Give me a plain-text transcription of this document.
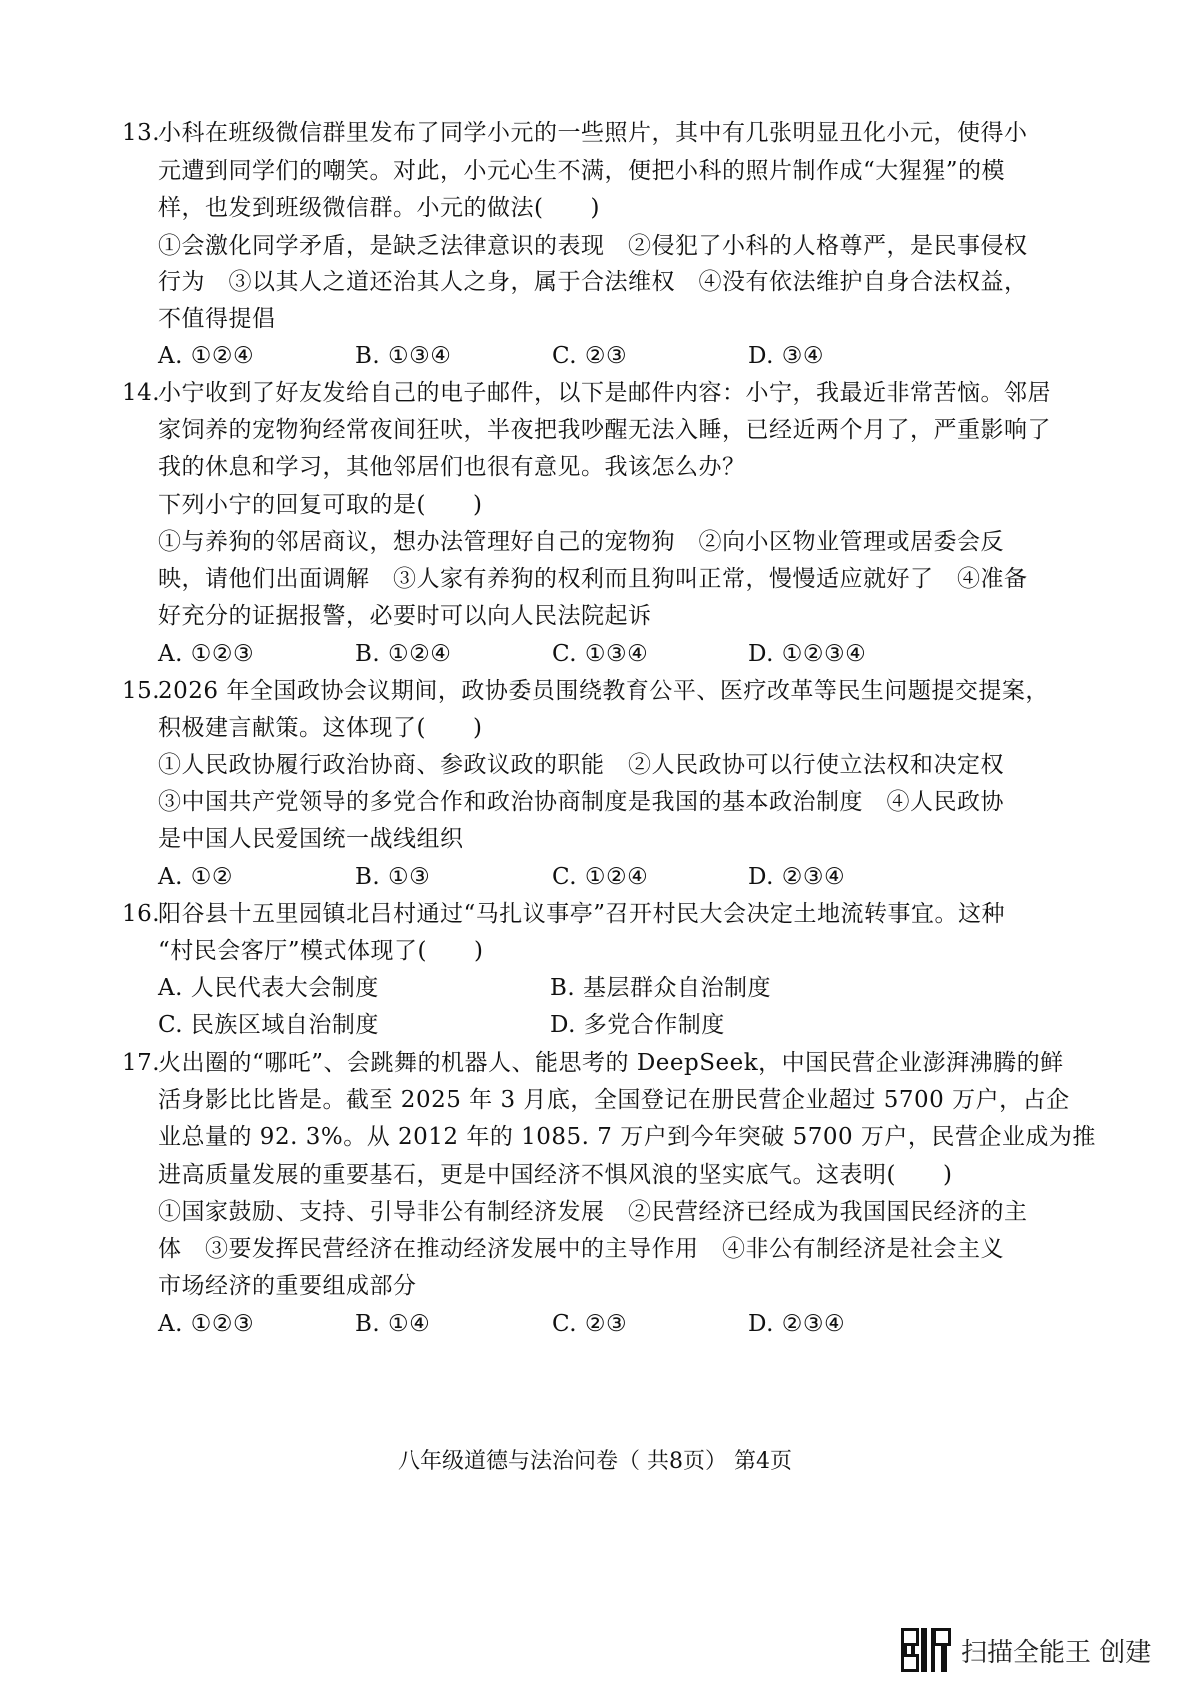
13.
小科在班级微信群里发布了同学小元的一些照片，其中有几张明显丑化小元，使得小
元遭到同学们的嘲笑。对此，小元心生不满，便把小科的照片制作成“大猩猩”的模
样，也发到班级微信群。小元的做法(　　)
①会激化同学矛盾，是缺乏法律意识的表现　②侵犯了小科的人格尊严，是民事侵权
行为　③以其人之道还治其人之身，属于合法维权　④没有依法维护自身合法权益，
不值得提倡
A. ①②④	B. ①③④	C. ②③	D. ③④
14.
小宁收到了好友发给自己的电子邮件，以下是邮件内容：小宁，我最近非常苦恼。邻居
家饲养的宠物狗经常夜间狂吠，半夜把我吵醒无法入睡，已经近两个月了，严重影响了
我的休息和学习，其他邻居们也很有意见。我该怎么办？
下列小宁的回复可取的是(　　)
①与养狗的邻居商议，想办法管理好自己的宠物狗　②向小区物业管理或居委会反
映，请他们出面调解　③人家有养狗的权利而且狗叫正常，慢慢适应就好了　④准备
好充分的证据报警，必要时可以向人民法院起诉
A. ①②③	B. ①②④	C. ①③④	D. ①②③④
15.
2026 年全国政协会议期间，政协委员围绕教育公平、医疗改革等民生问题提交提案，
积极建言献策。这体现了(　　)
①人民政协履行政治协商、参政议政的职能　②人民政协可以行使立法权和决定权
③中国共产党领导的多党合作和政治协商制度是我国的基本政治制度　④人民政协
是中国人民爱国统一战线组织
A. ①②	B. ①③	C. ①②④	D. ②③④
16.
阳谷县十五里园镇北吕村通过“马扎议事亭”召开村民大会决定土地流转事宜。这种
“村民会客厅”模式体现了(　　)
A. 人民代表大会制度	B. 基层群众自治制度
C. 民族区域自治制度	D. 多党合作制度
17.
火出圈的“哪吒”、会跳舞的机器人、能思考的 DeepSeek，中国民营企业澎湃沸腾的鲜
活身影比比皆是。截至 2025 年 3 月底，全国登记在册民营企业超过 5700 万户，占企
业总量的 92. 3%。从 2012 年的 1085. 7 万户到今年突破 5700 万户，民营企业成为推
进高质量发展的重要基石，更是中国经济不惧风浪的坚实底气。这表明(　　)
①国家鼓励、支持、引导非公有制经济发展　②民营经济已经成为我国国民经济的主
体　③要发挥民营经济在推动经济发展中的主导作用　④非公有制经济是社会主义
市场经济的重要组成部分
A. ①②③	B. ①④	C. ②③	D. ②③④
八年级道德与法治问卷（ 共8页） 第4页
扫描全能王 创建
